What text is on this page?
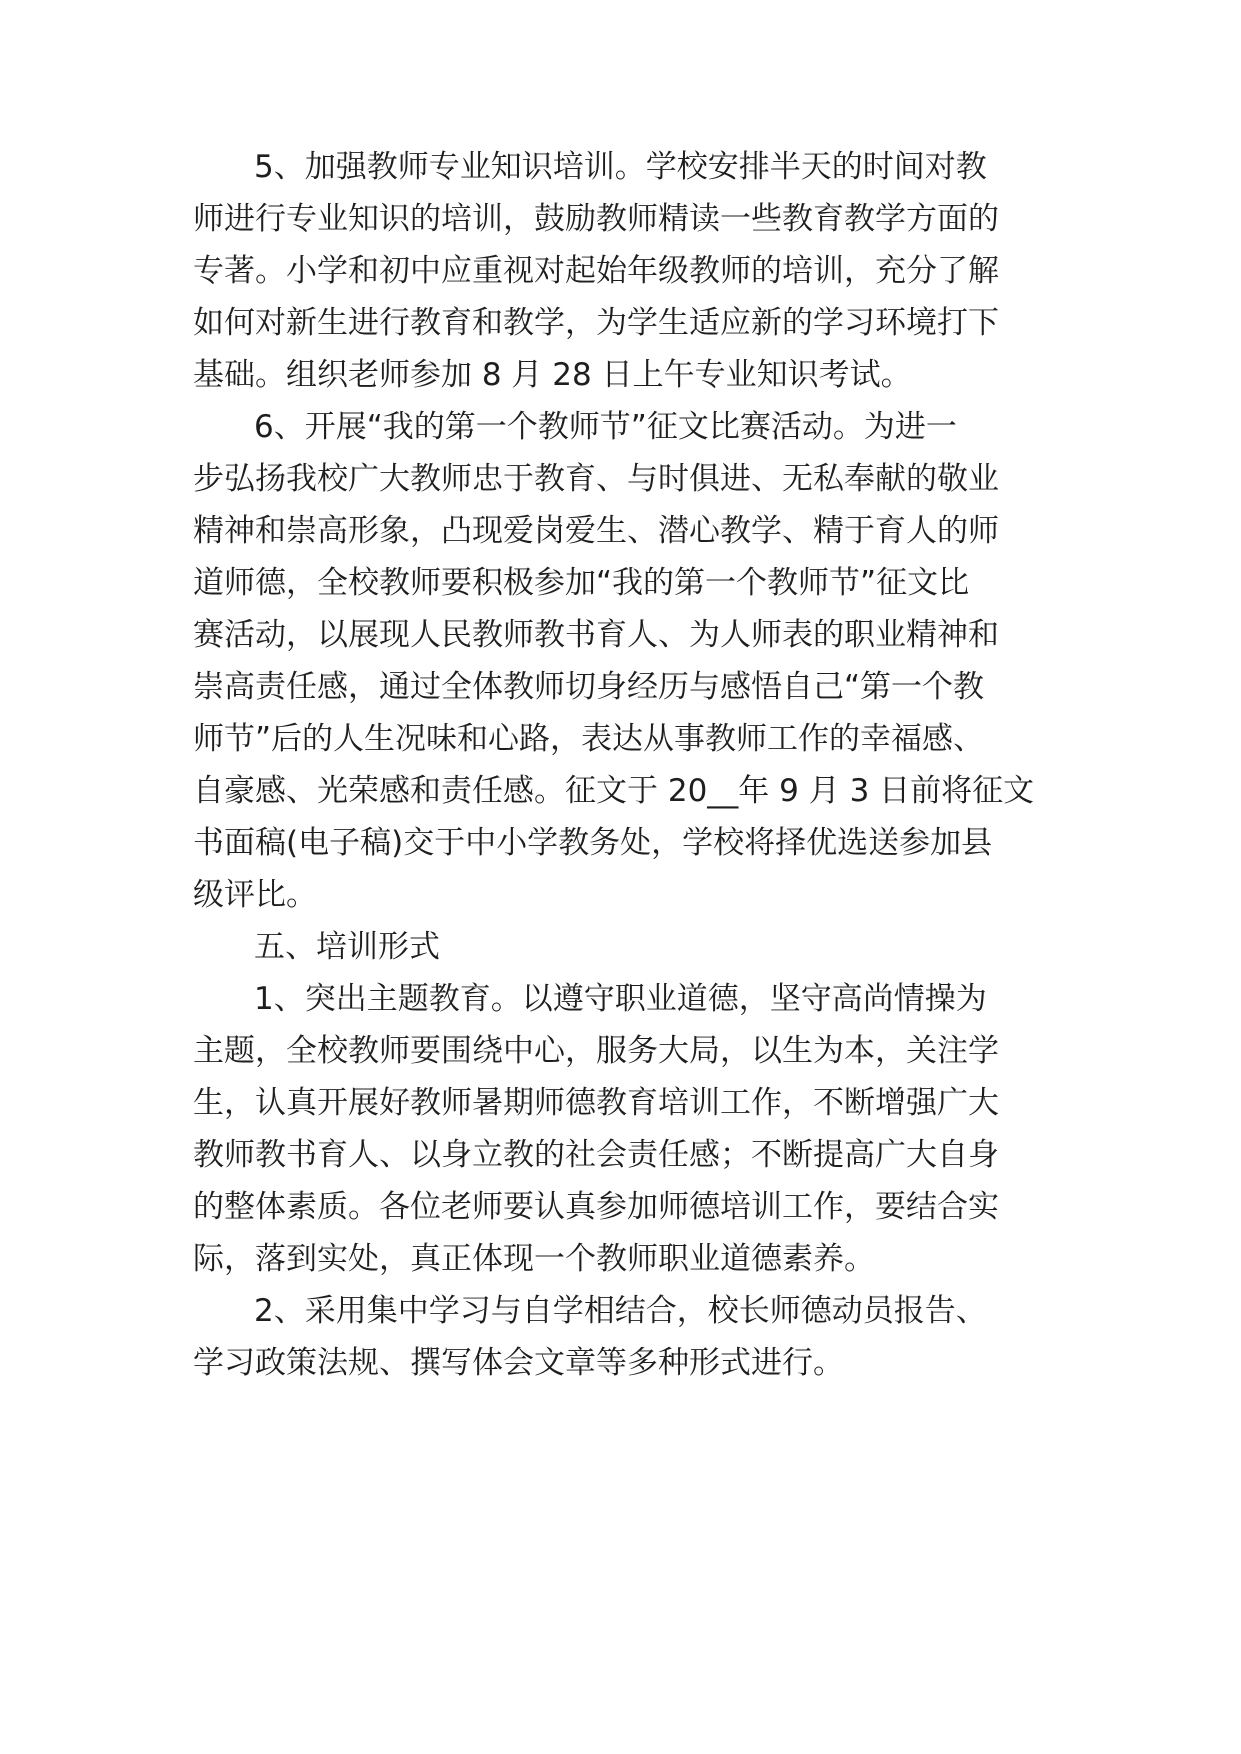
5、加强教师专业知识培训。学校安排半天的时间对教

师进行专业知识的培训，鼓励教师精读一些教育教学方面的

专著。小学和初中应重视对起始年级教师的培训，充分了解

如何对新生进行教育和教学，为学生适应新的学习环境打下

基础。组织老师参加 8 月 28 日上午专业知识考试。

6、开展“我的第一个教师节”征文比赛活动。为进一

步弘扬我校广大教师忠于教育、与时俱进、无私奉献的敬业

精神和崇高形象，凸现爱岗爱生、潜心教学、精于育人的师

道师德，全校教师要积极参加“我的第一个教师节”征文比

赛活动，以展现人民教师教书育人、为人师表的职业精神和

崇高责任感，通过全体教师切身经历与感悟自己“第一个教

师节”后的人生况味和心路，表达从事教师工作的幸福感、

自豪感、光荣感和责任感。征文于 20__年 9 月 3 日前将征文

书面稿(电子稿)交于中小学教务处，学校将择优选送参加县

级评比。

五、培训形式

1、突出主题教育。以遵守职业道德，坚守高尚情操为

主题，全校教师要围绕中心，服务大局，以生为本，关注学

生，认真开展好教师暑期师德教育培训工作，不断增强广大

教师教书育人、以身立教的社会责任感；不断提高广大自身

的整体素质。各位老师要认真参加师德培训工作，要结合实

际，落到实处，真正体现一个教师职业道德素养。

2、采用集中学习与自学相结合，校长师德动员报告、

学习政策法规、撰写体会文章等多种形式进行。
